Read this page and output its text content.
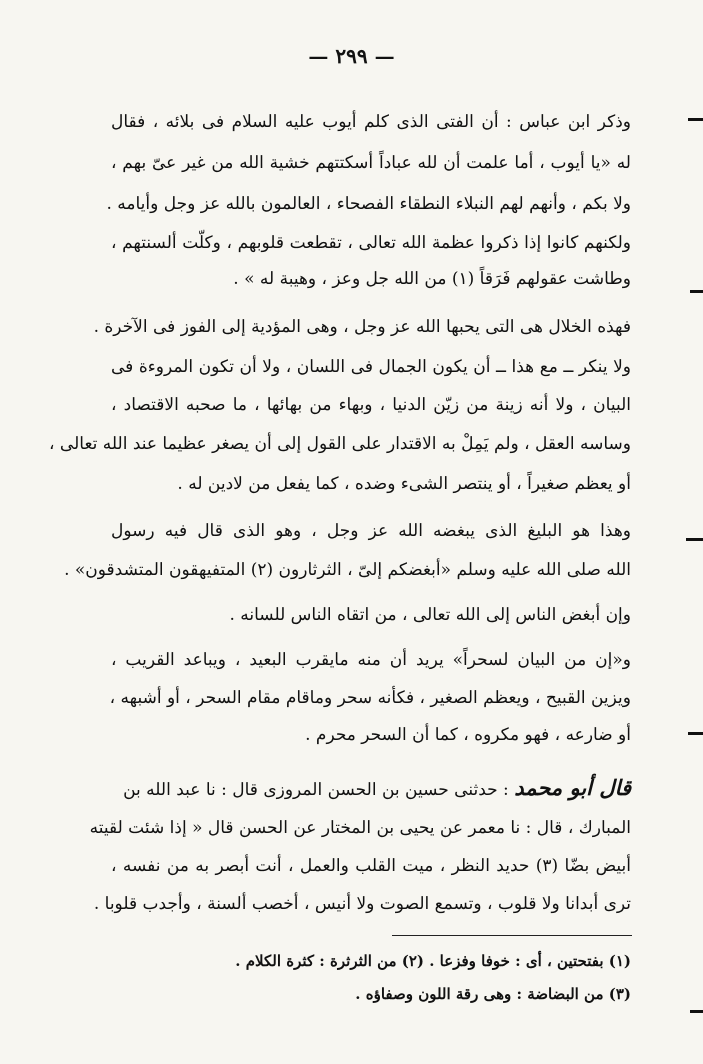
— ٢٩٩ —
وذكر ابن عباس : أن الفتى الذى كلم أيوب عليه السلام فى بلائه ، فقال
له «يا أيوب ، أما علمت أن لله عباداً أسكتتهم خشية الله من غير عىّ بهم ،
ولا بكم ، وأنهم لهم النبلاء النطقاء الفصحاء ، العالمون بالله عز وجل وأيامه .
ولكنهم كانوا إذا ذكروا عظمة الله تعالى ، تقطعت قلوبهم ، وكلّت ألسنتهم ،
وطاشت عقولهم فَرَقاً (١) من الله جل وعز ، وهيبة له » .
فهذه الخلال هى التى يحبها الله عز وجل ، وهى المؤدية إلى الفوز فى الآخرة .
ولا ينكر ــ مع هذا ــ أن يكون الجمال فى اللسان ، ولا أن تكون المروءة فى
البيان ، ولا أنه زينة من زيّن الدنيا ، وبهاء من بهائها ، ما صحبه الاقتصاد ،
وساسه العقل ، ولم يَمِلْ به الاقتدار على القول إلى أن يصغر عظيما عند الله تعالى ،
أو يعظم صغيراً ، أو ينتصر الشىء وضده ، كما يفعل من لادين له .
وهذا هو البليغ الذى يبغضه الله عز وجل ، وهو الذى قال فيه رسول
الله صلى الله عليه وسلم «أبغضكم إلىّ ، الثرثارون (٢) المتفيهقون المتشدقون» .
وإن أبغض الناس إلى الله تعالى ، من اتقاه الناس للسانه .
و«إن من البيان لسحراً» يريد أن منه مايقرب البعيد ، ويباعد القريب ،
ويزين القبيح ، ويعظم الصغير ، فكأنه سحر وماقام مقام السحر ، أو أشبهه ،
أو ضارعه ، فهو مكروه ، كما أن السحر محرم .
قال أبو محمد : حدثنى حسين بن الحسن المروزى قال : نا عبد الله بن
المبارك ، قال : نا معمر عن يحيى بن المختار عن الحسن قال « إذا شئت لقيته
أبيض بضّا (٣) حديد النظر ، ميت القلب والعمل ، أنت أبصر به من نفسه ،
ترى أبدانا ولا قلوب ، وتسمع الصوت ولا أنيس ، أخصب ألسنة ، وأجدب قلوبا .
(١) بفتحتين ، أى : خوفا وفزعا . (٢) من الثرثرة : كثرة الكلام .
(٣) من البضاضة : وهى رقة اللون وصفاؤه .
